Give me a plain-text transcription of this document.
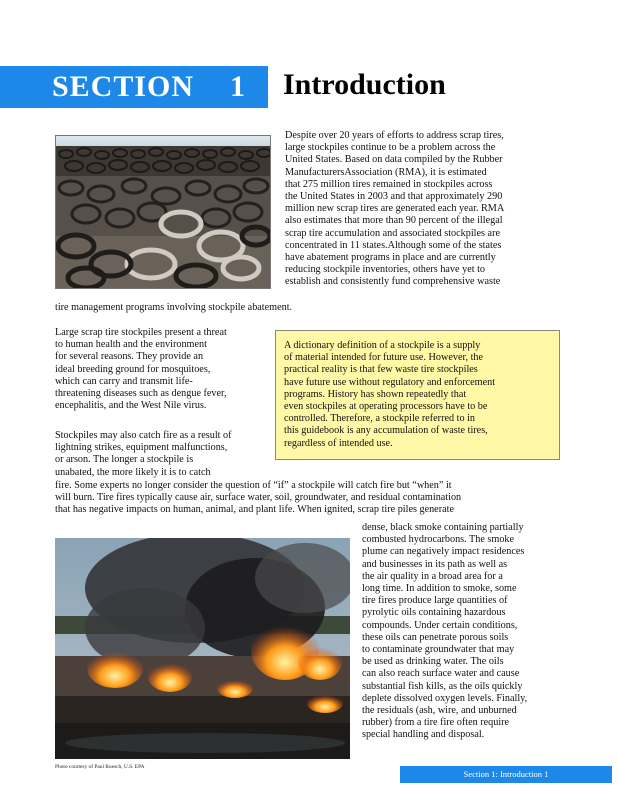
SECTION 1 Introduction

Despite over 20 years of efforts to address scrap tires,
large stockpiles continue to be a problem across the
United States. Based on data compiled by the Rubber
ManufacturersAssociation (RMA), it is estimated
that 275 million tires remained in stockpiles across
the United States in 2003 and that approximately 290
million new scrap tires are generated each year. RMA
also estimates that more than 90 percent of the illegal
scrap tire accumulation and associated stockpiles are
concentrated in 11 states.Although some of the states
have abatement programs in place and are currently
reducing stockpile inventories, others have yet to
establish and consistently fund comprehensive waste

tire management programs involving stockpile abatement.

Large scrap tire stockpiles present a threat
to human health and the environment
for several reasons. They provide an
ideal breeding ground for mosquitoes,
which can carry and transmit life-
threatening diseases such as dengue fever,
encephalitis, and the West Nile virus.

Stockpiles may also catch fire as a result of
lightning strikes, equipment malfunctions,
or arson. The longer a stockpile is
unabated, the more likely it is to catch

A dictionary definition of a stockpile is a supply
of material intended for future use. However, the
practical reality is that few waste tire stockpiles
have future use without regulatory and enforcement
programs. History has shown repeatedly that
even stockpiles at operating processors have to be
controlled. Therefore, a stockpile referred to in
this guidebook is any accumulation of waste tires,
regardless of intended use.

fire. Some experts no longer consider the question of “if” a stockpile will catch fire but “when” it
will burn. Tire fires typically cause air, surface water, soil, groundwater, and residual contamination
that has negative impacts on human, animal, and plant life. When ignited, scrap tire piles generate

Photo courtesy of Paul Ruesch, U.S. EPA

dense, black smoke containing partially
combusted hydrocarbons. The smoke
plume can negatively impact residences
and businesses in its path as well as
the air quality in a broad area for a
long time. In addition to smoke, some
tire fires produce large quantities of
pyrolytic oils containing hazardous
compounds. Under certain conditions,
these oils can penetrate porous soils
to contaminate groundwater that may
be used as drinking water. The oils
can also reach surface water and cause
substantial fish kills, as the oils quickly
deplete dissolved oxygen levels. Finally,
the residuals (ash, wire, and unburned
rubber) from a tire fire often require
special handling and disposal.

Section 1: Introduction 1
